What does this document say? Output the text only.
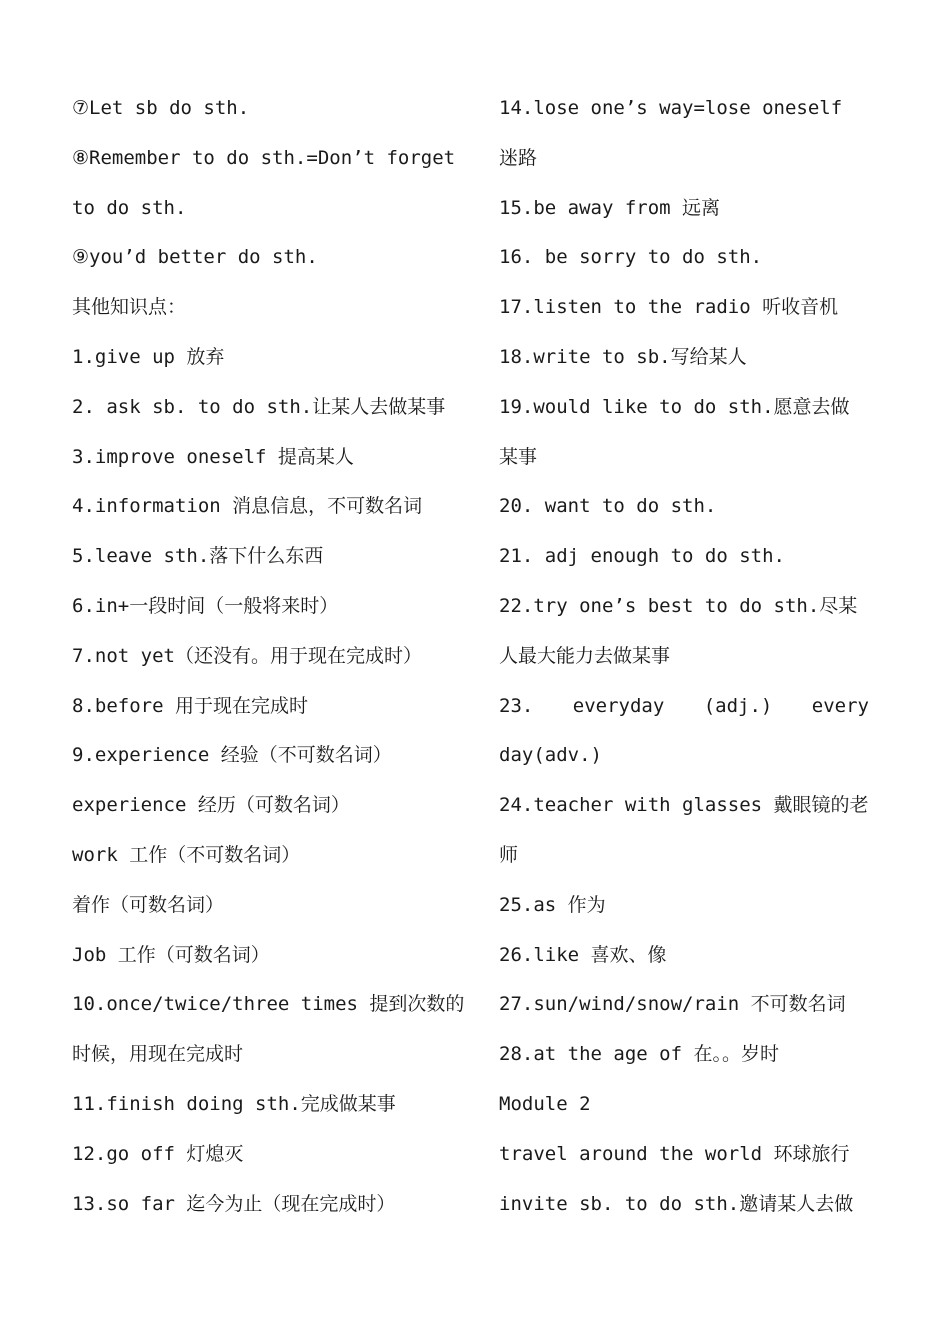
⑦Let sb do sth.
⑧Remember to do sth.=Don’t forget
to do sth.
⑨you’d better do sth.
其他知识点：
1.give up 放弃
2. ask sb. to do sth.让某人去做某事
3.improve oneself 提高某人
4.information 消息信息，不可数名词
5.leave sth.落下什么东西
6.in+一段时间（一般将来时）
7.not yet（还没有。用于现在完成时）
8.before 用于现在完成时
9.experience 经验（不可数名词）
experience 经历（可数名词）
work 工作（不可数名词）
着作（可数名词）
Job 工作（可数名词）
10.once/twice/three times 提到次数的
时候，用现在完成时
11.finish doing sth.完成做某事
12.go off 灯熄灭
13.so far 迄今为止（现在完成时）
14.lose one’s way=lose oneself
迷路
15.be away from 远离
16. be sorry to do sth.
17.listen to the radio 听收音机
18.write to sb.写给某人
19.would like to do sth.愿意去做
某事
20. want to do sth.
21. adj enough to do sth.
22.try one’s best to do sth.尽某
人最大能力去做某事
23. everyday (adj.) every
day(adv.)
24.teacher with glasses 戴眼镜的老
师
25.as 作为
26.like 喜欢、像
27.sun/wind/snow/rain 不可数名词
28.at the age of 在。。岁时
Module 2
travel around the world 环球旅行
invite sb. to do sth.邀请某人去做
